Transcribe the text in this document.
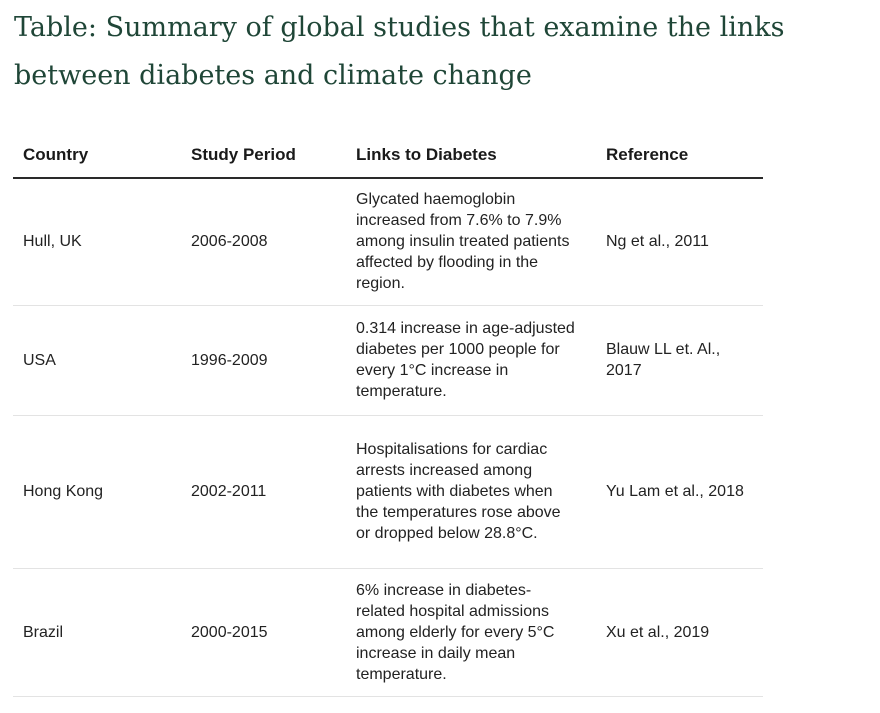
Table: Summary of global studies that examine the links between diabetes and climate change
Country	Study Period	Links to Diabetes	Reference
Hull, UK	2006-2008	Glycated haemoglobin increased from 7.6% to 7.9% among insulin treated patients affected by flooding in the region.	Ng et al., 2011
USA	1996-2009	0.314 increase in age-adjusted diabetes per 1000 people for every 1°C increase in temperature.	Blauw LL et. Al., 2017
Hong Kong	2002-2011	Hospitalisations for cardiac arrests increased among patients with diabetes when the temperatures rose above or dropped below 28.8°C.	Yu Lam et al., 2018
Brazil	2000-2015	6% increase in diabetes-related hospital admissions among elderly for every 5°C increase in daily mean temperature.	Xu et al., 2019
